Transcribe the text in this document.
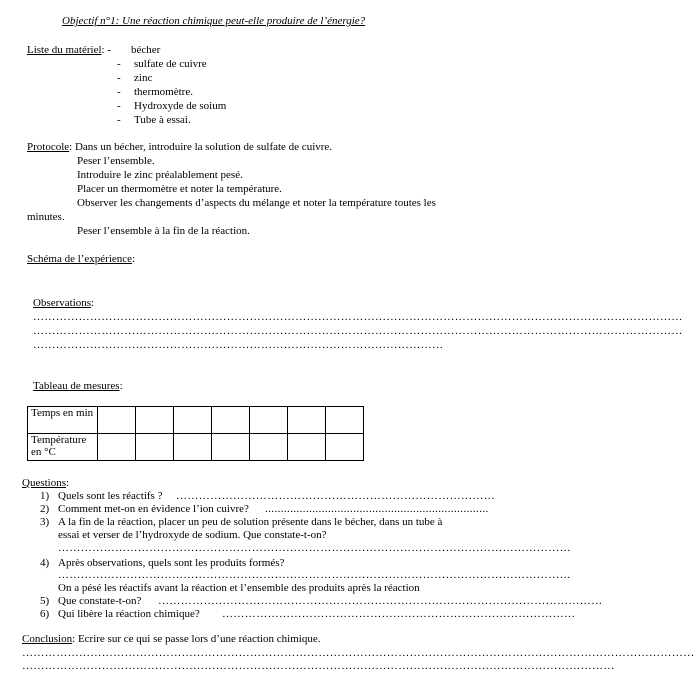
Objectif n°1: Une réaction chimique peut-elle produire de l’énergie?
Liste du matériel: - bécher
- sulfate de cuivre
- zinc
- thermomètre.
- Hydroxyde de soium
- Tube à essai.
Protocole: Dans un bécher, introduire la solution de sulfate de cuivre.
Peser l’ensemble.
Introduire le zinc préalablement pesé.
Placer un thermomètre et noter la température.
Observer les changements d’aspects du mélange et noter la température toutes les
minutes.
Peser l’ensemble à la fin de la réaction.
Schéma de l’expérience:
Observations:
………………………………………………………………………………………………………………………………………………………
………………………………………………………………………………………………………………………………………………………
………………………………………………………………………………………………
Tableau de mesures:
Temps en min							
Température en °C							
Questions:
1) Quels sont les réactifs ? …………………………………………………………………………
2) Comment met-on en évidence l’ion cuivre? .......................................................................
3) A la fin de la réaction, placer un peu de solution présente dans le bécher, dans un tube à
essai et verser de l’hydroxyde de sodium. Que constate-t-on?
………………………………………………………………………………………………………………………
4) Après observations, quels sont les produits formés?
………………………………………………………………………………………………………………………
On a pésé les réactifs avant la réaction et l’ensemble des produits après la réaction
5) Que constate-t-on? ………………………………………………………………………………………………………
6) Qui libère la réaction chimique? …………………………………………………………………………………
Conclusion: Ecrire sur ce qui se passe lors d’une réaction chimique.
……………………………………………………………………………………………………………………………………………………………
…………………………………………………………………………………………………………………………………………
